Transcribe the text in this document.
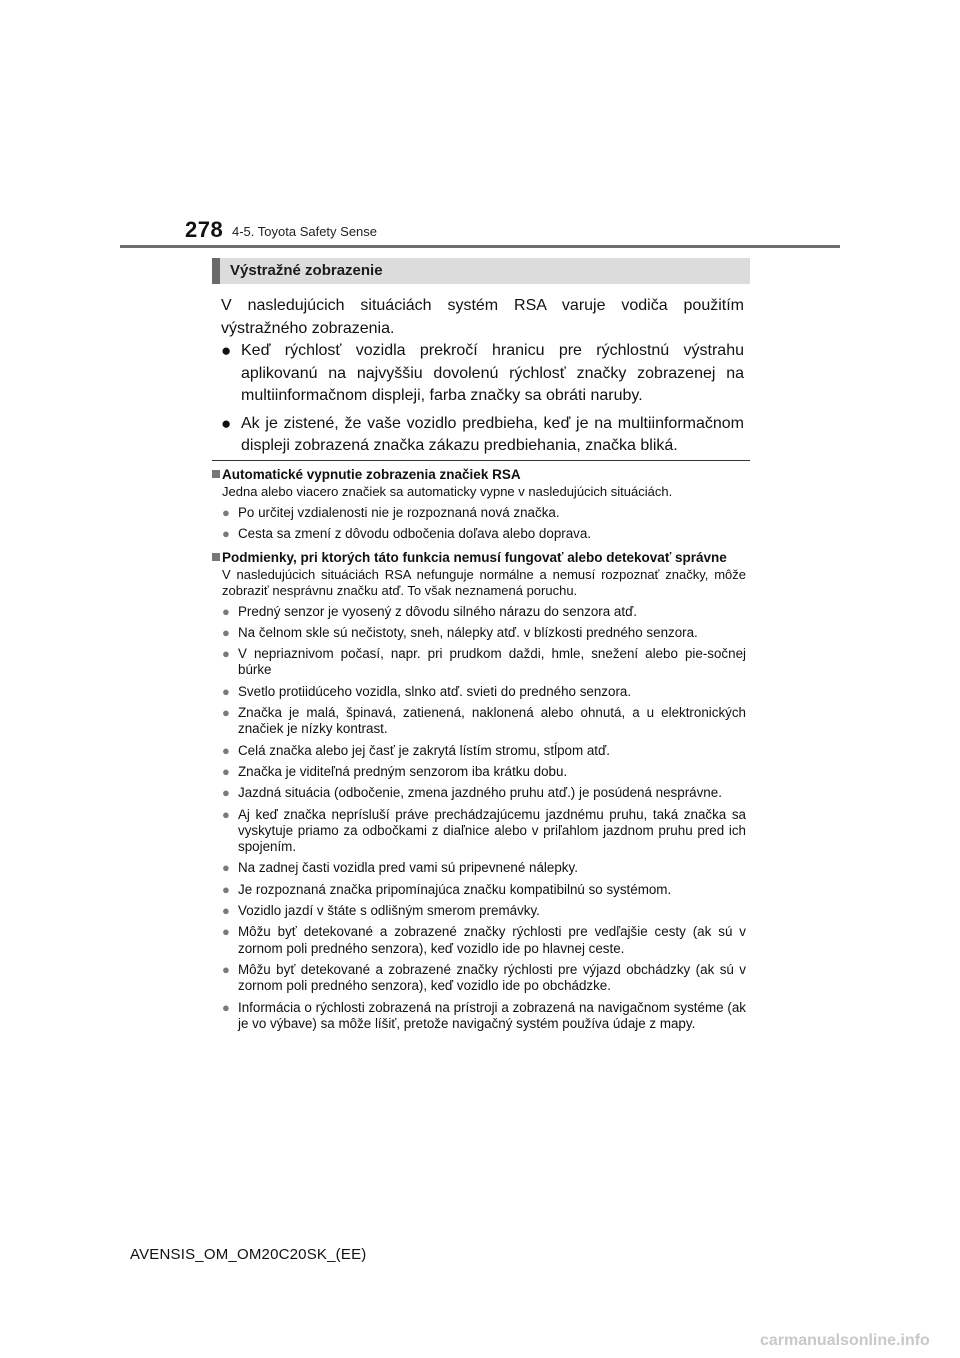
278 4-5. Toyota Safety Sense
Výstražné zobrazenie
V nasledujúcich situáciách systém RSA varuje vodiča použitím výstražného zobrazenia.
● Keď rýchlosť vozidla prekročí hranicu pre rýchlostnú výstrahu aplikovanú na najvyššiu dovolenú rýchlosť značky zobrazenej na multiinformačnom displeji, farba značky sa obráti naruby.
● Ak je zistené, že vaše vozidlo predbieha, keď je na multiinformačnom displeji zobrazená značka zákazu predbiehania, značka bliká.
Automatické vypnutie zobrazenia značiek RSA
Jedna alebo viacero značiek sa automaticky vypne v nasledujúcich situáciách.
● Po určitej vzdialenosti nie je rozpoznaná nová značka.
● Cesta sa zmení z dôvodu odbočenia doľava alebo doprava.
Podmienky, pri ktorých táto funkcia nemusí fungovať alebo detekovať správne
V nasledujúcich situáciách RSA nefunguje normálne a nemusí rozpoznať značky, môže zobraziť nesprávnu značku atď. To však neznamená poruchu.
● Predný senzor je vyosený z dôvodu silného nárazu do senzora atď.
● Na čelnom skle sú nečistoty, sneh, nálepky atď. v blízkosti predného senzora.
● V nepriaznivom počasí, napr. pri prudkom daždi, hmle, snežení alebo pie-sočnej búrke
● Svetlo protiidúceho vozidla, slnko atď. svieti do predného senzora.
● Značka je malá, špinavá, zatienená, naklonená alebo ohnutá, a u elektronických značiek je nízky kontrast.
● Celá značka alebo jej časť je zakrytá lístím stromu, stĺpom atď.
● Značka je viditeľná predným senzorom iba krátku dobu.
● Jazdná situácia (odbočenie, zmena jazdného pruhu atď.) je posúdená nesprávne.
● Aj keď značka neprísluší práve prechádzajúcemu jazdnému pruhu, taká značka sa vyskytuje priamo za odbočkami z diaľnice alebo v priľahlom jazdnom pruhu pred ich spojením.
● Na zadnej časti vozidla pred vami sú pripevnené nálepky.
● Je rozpoznaná značka pripomínajúca značku kompatibilnú so systémom.
● Vozidlo jazdí v štáte s odlišným smerom premávky.
● Môžu byť detekované a zobrazené značky rýchlosti pre vedľajšie cesty (ak sú v zornom poli predného senzora), keď vozidlo ide po hlavnej ceste.
● Môžu byť detekované a zobrazené značky rýchlosti pre výjazd obchádzky (ak sú v zornom poli predného senzora), keď vozidlo ide po obchádzke.
● Informácia o rýchlosti zobrazená na prístroji a zobrazená na navigačnom systéme (ak je vo výbave) sa môže líšiť, pretože navigačný systém používa údaje z mapy.
AVENSIS_OM_OM20C20SK_(EE)
carmanualsonline.info
